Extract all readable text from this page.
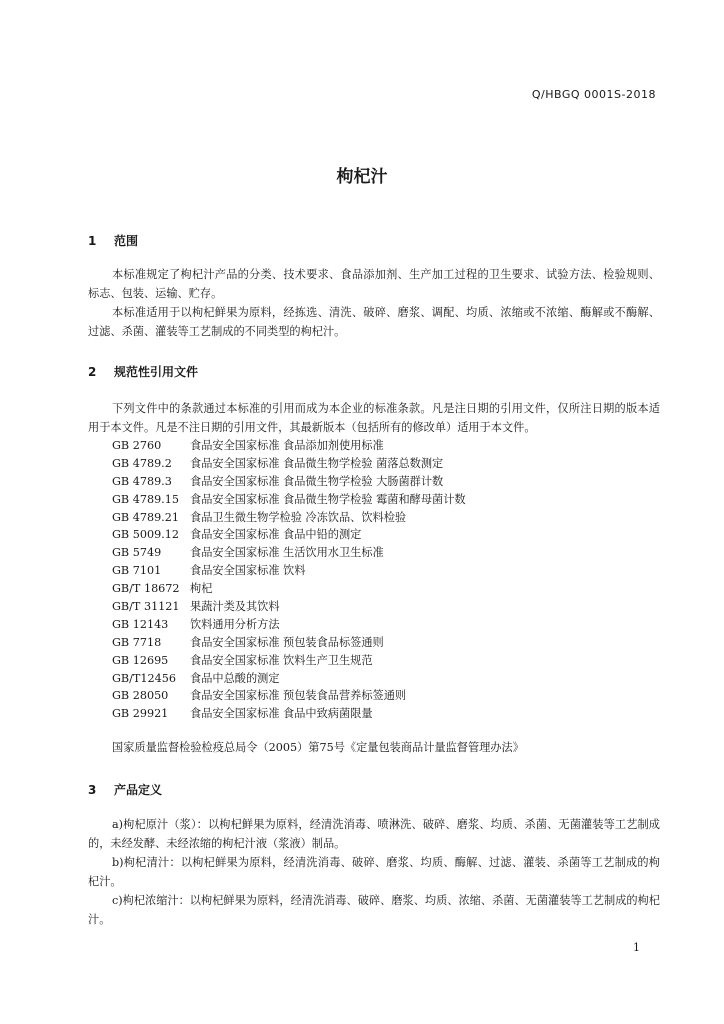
Q/HBGQ 0001S-2018
枸杞汁
1 范围
本标准规定了枸杞汁产品的分类、技术要求、食品添加剂、生产加工过程的卫生要求、试验方法、检验规则、标志、包装、运输、贮存。
本标准适用于以枸杞鲜果为原料，经拣选、清洗、破碎、磨浆、调配、均质、浓缩或不浓缩、酶解或不酶解、过滤、杀菌、灌装等工艺制成的不同类型的枸杞汁。
2 规范性引用文件
下列文件中的条款通过本标准的引用而成为本企业的标准条款。凡是注日期的引用文件，仅所注日期的版本适用于本文件。凡是不注日期的引用文件，其最新版本（包括所有的修改单）适用于本文件。
GB 2760	食品安全国家标准 食品添加剂使用标准
GB 4789.2 食品安全国家标准 食品微生物学检验 菌落总数测定
GB 4789.3 食品安全国家标准 食品微生物学检验 大肠菌群计数
GB 4789.15 食品安全国家标准 食品微生物学检验 霉菌和酵母菌计数
GB 4789.21 食品卫生微生物学检验 冷冻饮品、饮料检验
GB 5009.12 食品安全国家标准 食品中铅的测定
GB 5749	食品安全国家标准 生活饮用水卫生标准
GB 7101	食品安全国家标准 饮料
GB/T 18672 枸杞
GB/T 31121 果蔬汁类及其饮料
GB 12143 饮料通用分析方法
GB 7718	食品安全国家标准 预包装食品标签通则
GB 12695 食品安全国家标准 饮料生产卫生规范
GB/T12456 食品中总酸的测定
GB 28050 食品安全国家标准 预包装食品营养标签通则
GB 29921 食品安全国家标准 食品中致病菌限量
国家质量监督检验检疫总局令（2005）第75号《定量包装商品计量监督管理办法》
3 产品定义
a)枸杞原汁（浆）：以枸杞鲜果为原料，经清洗消毒、喷淋洗、破碎、磨浆、均质、杀菌、无菌灌装等工艺制成的，未经发酵、未经浓缩的枸杞汁液（浆液）制品。
b)枸杞清汁：以枸杞鲜果为原料，经清洗消毒、破碎、磨浆、均质、酶解、过滤、灌装、杀菌等工艺制成的枸杞汁。
c)枸杞浓缩汁：以枸杞鲜果为原料，经清洗消毒、破碎、磨浆、均质、浓缩、杀菌、无菌灌装等工艺制成的枸杞汁。
1
